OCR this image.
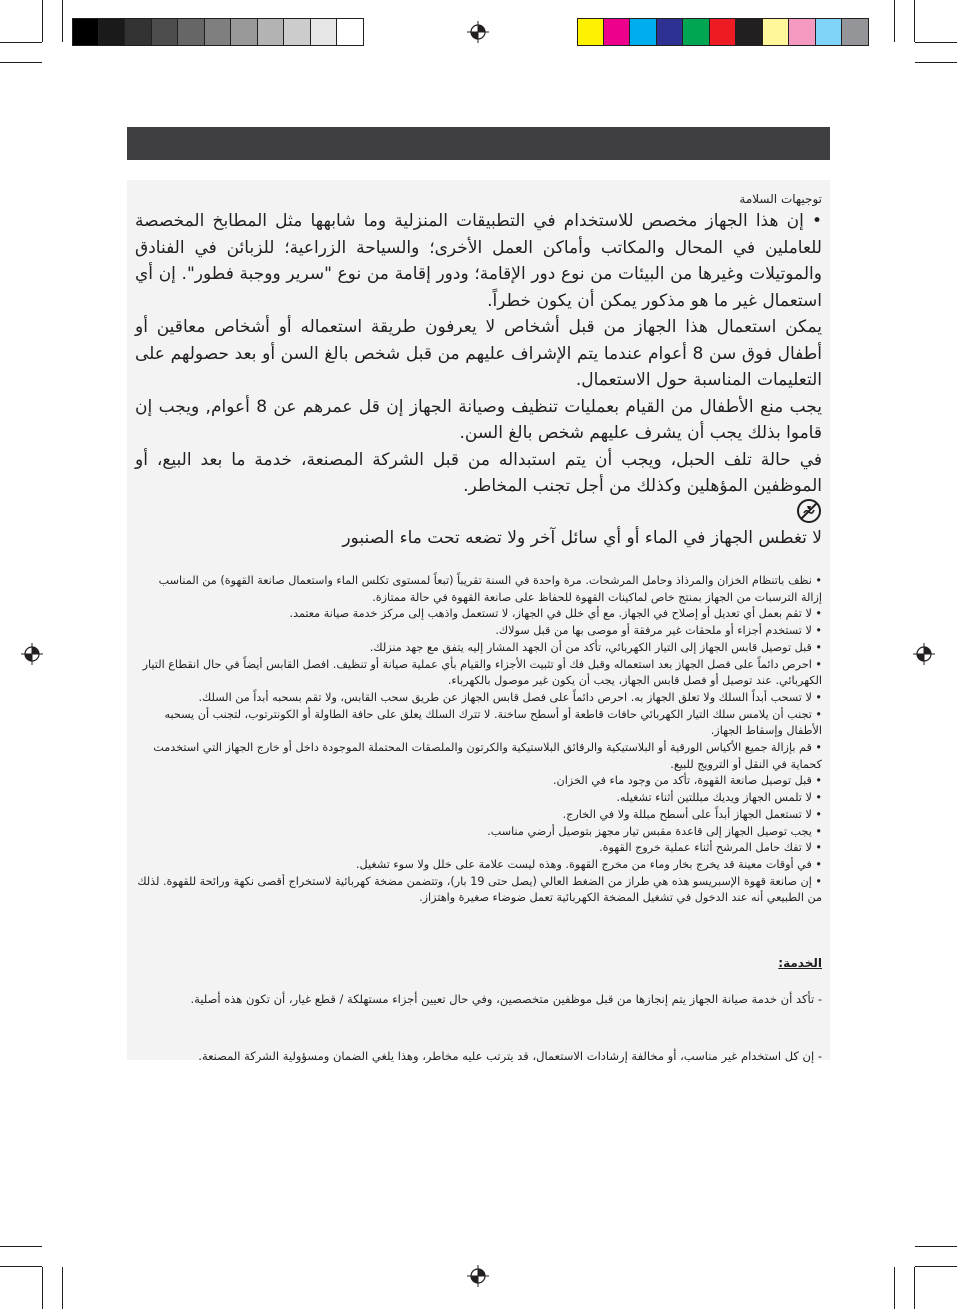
توجيهات السلامة

• إن هذا الجهاز مخصص للاستخدام في التطبيقات المنزلية وما شابهها مثل المطابخ المخصصة للعاملين في المحال والمكاتب وأماكن العمل الأخرى؛ والسياحة الزراعية؛ للزبائن في الفنادق والموتيلات وغيرها من البيئات من نوع دور الإقامة؛ ودور إقامة من نوع "سرير ووجبة فطور". إن أي استعمال غير ما هو مذكور يمكن أن يكون خطراً.

يمكن استعمال هذا الجهاز من قبل أشخاص لا يعرفون طريقة استعماله أو أشخاص معاقين أو أطفال فوق سن 8 أعوام عندما يتم الإشراف عليهم من قبل شخص بالغ السن أو بعد حصولهم على التعليمات المناسبة حول الاستعمال.

يجب منع الأطفال من القيام بعمليات تنظيف وصيانة الجهاز إن قل عمرهم عن 8 أعوام, ويجب إن قاموا بذلك يجب أن يشرف عليهم شخص بالغ السن.

في حالة تلف الحبل، ويجب أن يتم استبداله من قبل الشركة المصنعة، خدمة ما بعد البيع، أو الموظفين المؤهلين وكذلك من أجل تجنب المخاطر.

لا تغطس الجهاز في الماء أو أي سائل آخر ولا تضعه تحت ماء الصنبور
• نظف باتنظام الخزان والمرذاذ وحامل المرشحات. مرة واحدة في السنة تقريباً (تبعاً لمستوى تكلس الماء واستعمال صانعة القهوة) من المناسب إزالة الترسبات من الجهاز بمنتج خاص لماكينات القهوة للحفاظ على صانعة القهوة في حالة ممتازة.
• لا تقم بعمل أي تعديل أو إصلاح في الجهاز. مع أي خلل في الجهاز، لا تستعمل واذهب إلى مركز خدمة صيانة معتمد.
• لا تستخدم أجزاء أو ملحقات غير مرفقة أو موصى بها من قبل سولاك.
• قبل توصيل قابس الجهاز إلى التيار الكهربائي، تأكد من أن الجهد المشار إليه يتفق مع جهد منزلك.
• احرص دائماً على فصل الجهاز بعد استعماله وقبل فك أو تثبيت الأجزاء والقيام بأي عملية صيانة أو تنظيف. افصل القابس أيضاً في حال انقطاع التيار الكهربائي. عند توصيل أو فصل قابس الجهاز، يجب أن يكون غير موصول بالكهرباء.
• لا تسحب أبداً السلك ولا تعلق الجهاز به. احرص دائماً على فصل قابس الجهاز عن طريق سحب القابس، ولا تقم بسحبه أبداً من السلك.
• تجنب أن يلامس سلك التيار الكهربائي حافات قاطعة أو أسطح ساخنة. لا تترك السلك يعلق على حافة الطاولة أو الكونترتوب، لتجنب أن يسحبه الأطفال وإسقاط الجهاز.
• قم بإزالة جميع الأكياس الورقية أو البلاستيكية والرقائق البلاستيكية والكرتون والملصقات المحتملة الموجودة داخل أو خارج الجهاز التي استخدمت كحماية في النقل أو الترويج للبيع.
• قبل توصيل صانعة القهوة، تأكد من وجود ماء في الخزان.
• لا تلمس الجهاز ويديك مبللتين أثناء تشغيله.
• لا تستعمل الجهاز أبداً على أسطح مبللة ولا في الخارج.
• يجب توصيل الجهاز إلى قاعدة مقبس تيار مجهز بتوصيل أرضي مناسب.
• لا تفك حامل المرشح أثناء عملية خروج القهوة.
• في أوقات معينة قد يخرج بخار وماء من مخرج القهوة. وهذه ليست علامة على خلل ولا سوء تشغيل.
• إن صانعة قهوة الإسبريسو هذه هي طراز من الضغط العالي (يصل حتى 19 بار)، وتتضمن مضخة كهربائية لاستخراج أقصى نكهة ورائحة للقهوة. لذلك من الطبيعي أنه عند الدخول في تشغيل المضخة الكهربائية تعمل ضوضاء صغيرة واهتزاز.
الخدمة:
- تأكد أن خدمة صيانة الجهاز يتم إنجازها من قبل موظفين متخصصين، وفي حال تعيين أجزاء مستهلكة / قطع غيار، أن تكون هذه أصلية.
- إن كل استخدام غير مناسب، أو مخالفة إرشادات الاستعمال، قد يترتب عليه مخاطر، وهذا يلغي الضمان ومسؤولية الشركة المصنعة.
